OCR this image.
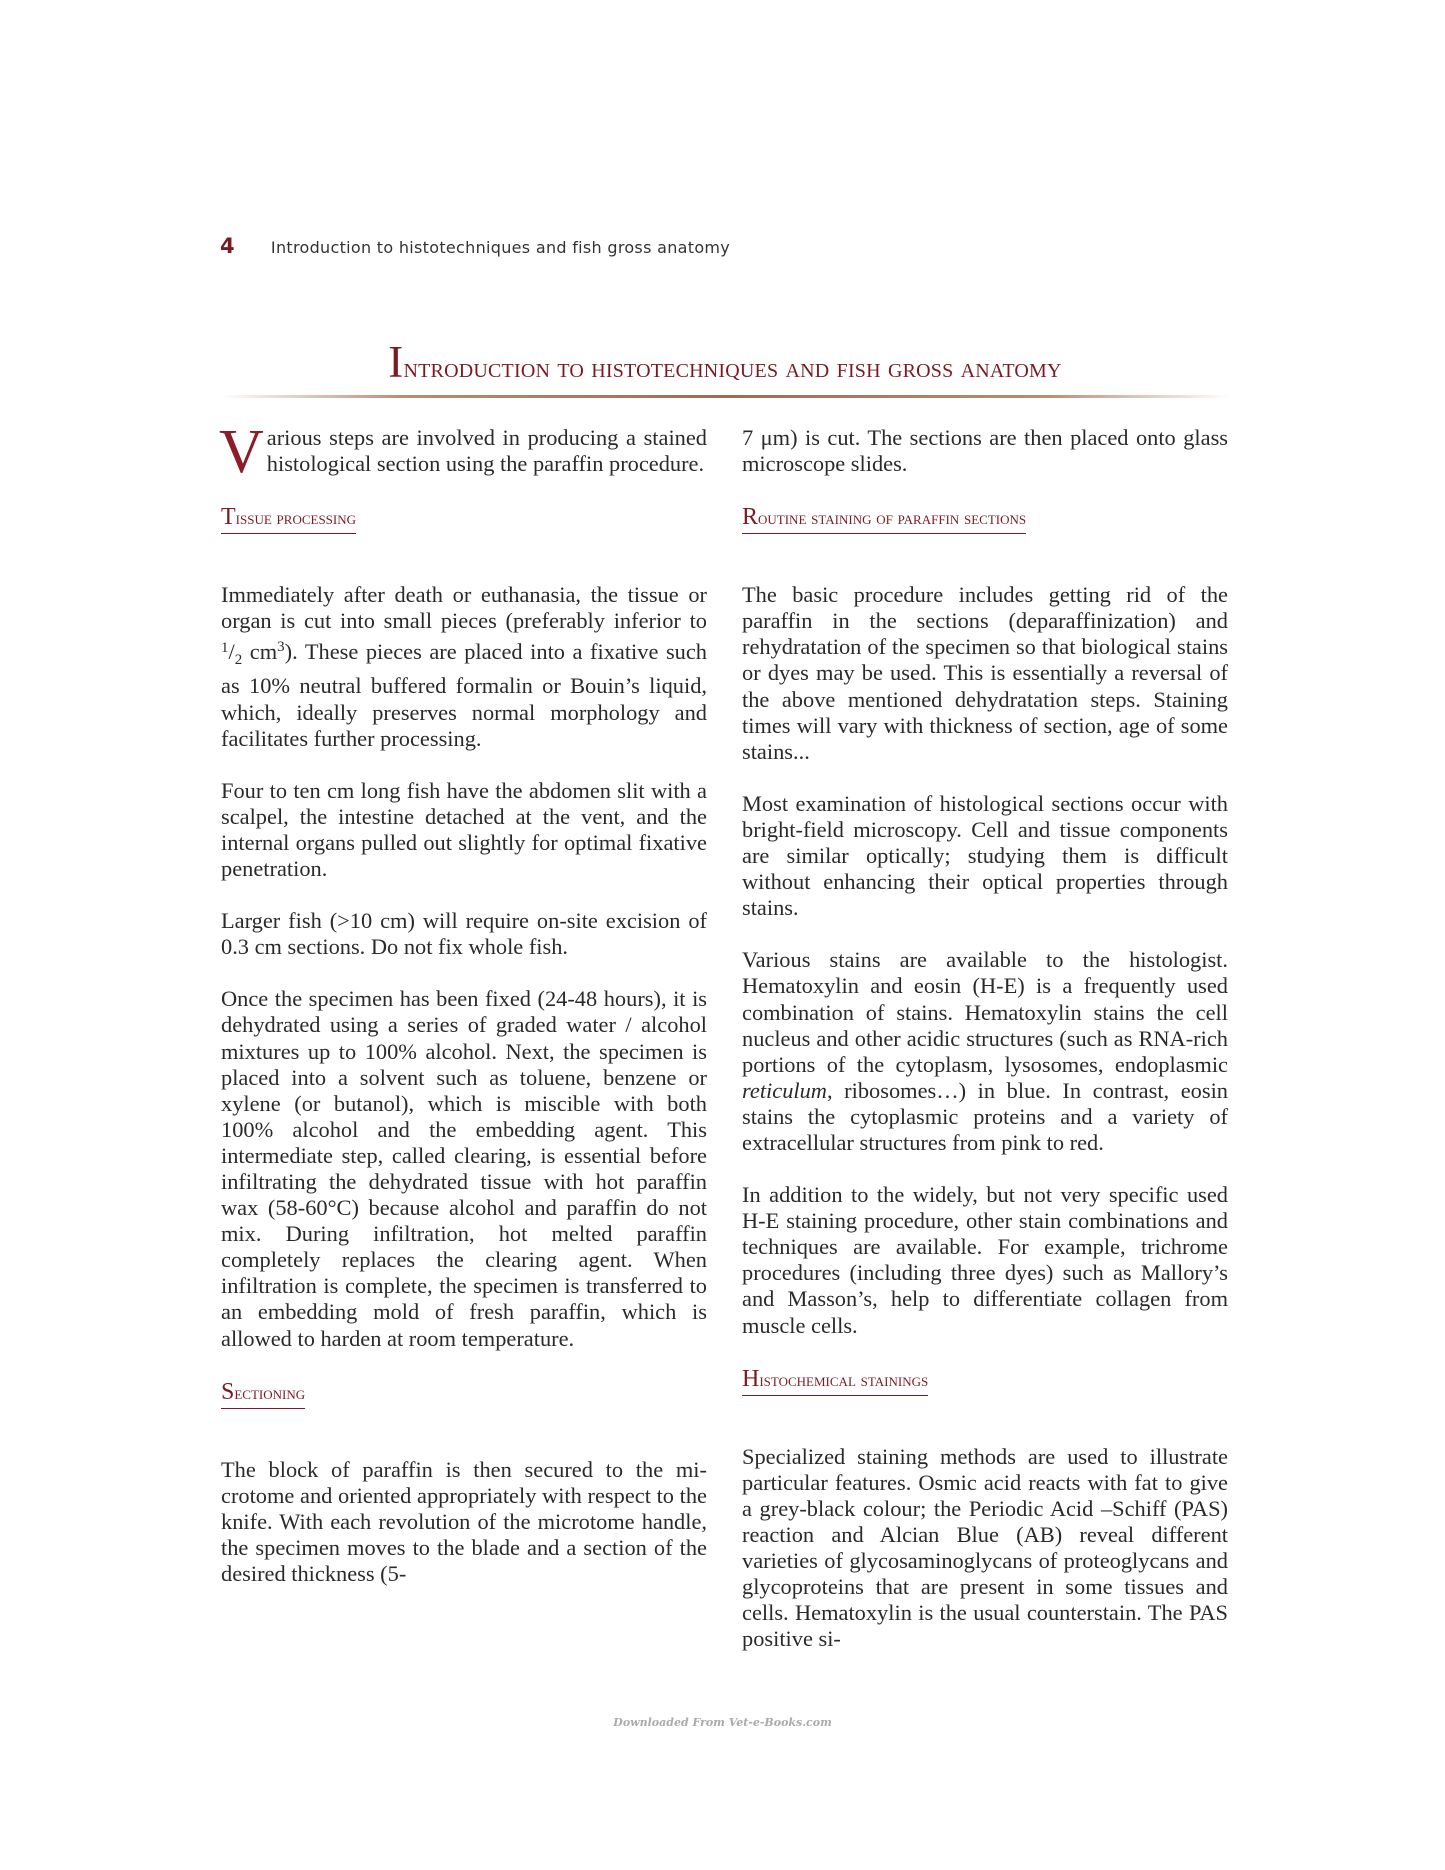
4 Introduction to histotechniques and fish gross anatomy
Introduction to histotechniques and fish gross anatomy

Various steps are involved in producing a stained histological section using the paraffin procedure.

Tissue processing

Immediately after death or euthanasia, the tissue or organ is cut into small pieces (preferably inferior to $^1/_2$ $cm^3$). These pieces are placed into a fixative such as 10% neutral buffered formalin or Bouin’s liquid, which, ideally preserves normal morphology and facilitates further processing.

Four to ten cm long fish have the abdomen slit with a scalpel, the intestine detached at the vent, and the internal organs pulled out slightly for optimal fixative penetration.

Larger fish (>10 cm) will require on-site excision of 0.3 cm sections. Do not fix whole fish.

Once the specimen has been fixed (24-48 hours), it is dehydrated using a series of graded water / alcohol mixtures up to 100% alcohol. Next, the specimen is placed into a solvent such as toluene, benzene or xylene (or butanol), which is miscible with both 100% alcohol and the embedding agent. This intermediate step, called clearing, is essential before infiltrating the dehydrated tissue with hot paraffin wax (58-60°C) because alcohol and paraffin do not mix. During infiltration, hot melted paraffin completely replaces the clearing agent. When infiltration is complete, the specimen is transferred to an embedding mold of fresh paraffin, which is allowed to harden at room temperature.

Sectioning

The block of paraffin is then secured to the microtome and oriented appropriately with respect to the knife. With each revolution of the microtome handle, the specimen moves to the blade and a section of the desired thickness (5-

7 μm) is cut. The sections are then placed onto glass microscope slides.

Routine staining of paraffin sections

The basic procedure includes getting rid of the paraffin in the sections (deparaffinization) and rehydratation of the specimen so that biological stains or dyes may be used. This is essentially a reversal of the above mentioned dehydratation steps. Staining times will vary with thickness of section, age of some stains...

Most examination of histological sections occur with bright-field microscopy. Cell and tissue components are similar optically; studying them is difficult without enhancing their optical properties through stains.

Various stains are available to the histologist. Hematoxylin and eosin (H-E) is a frequently used combination of stains. Hematoxylin stains the cell nucleus and other acidic structures (such as RNA-rich portions of the cytoplasm, lysosomes, endoplasmic reticulum, ribosomes…) in blue. In contrast, eosin stains the cytoplasmic proteins and a variety of extracellular structures from pink to red.

In addition to the widely, but not very specific used H-E staining procedure, other stain combinations and techniques are available. For example, trichrome procedures (including three dyes) such as Mallory’s and Masson’s, help to differentiate collagen from muscle cells.

Histochemical stainings

Specialized staining methods are used to illustrate particular features. Osmic acid reacts with fat to give a grey-black colour; the Periodic Acid –Schiff (PAS) reaction and Alcian Blue (AB) reveal different varieties of glycosaminoglycans of proteoglycans and glycoproteins that are present in some tissues and cells. Hematoxylin is the usual counterstain. The PAS positive si-

Downloaded From Vet-e-Books.com
